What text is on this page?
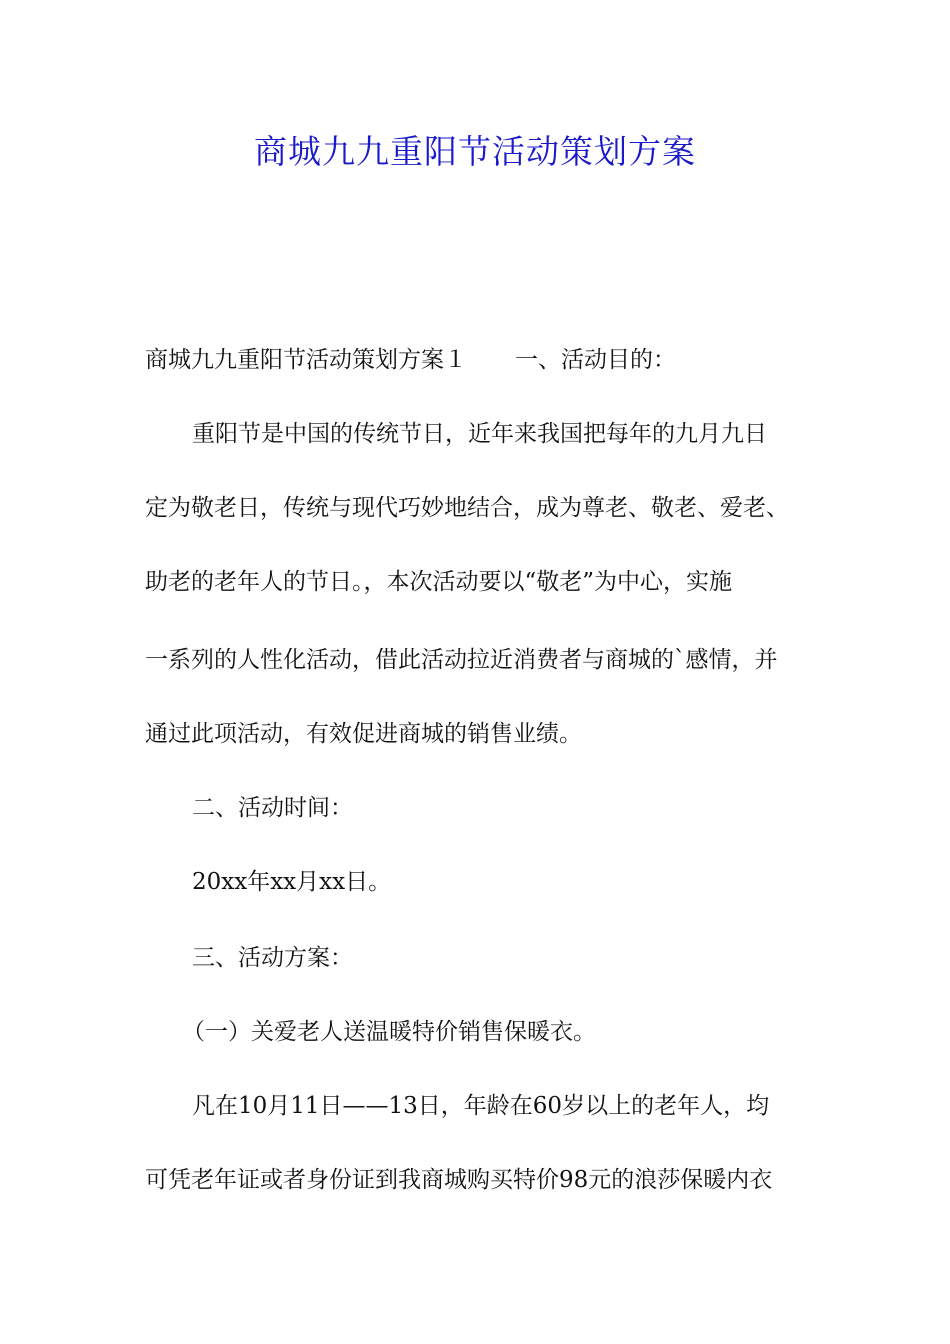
商城九九重阳节活动策划方案

商城九九重阳节活动策划方案１ 一、活动目的：

重阳节是中国的传统节日，近年来我国把每年的九月九日

定为敬老日，传统与现代巧妙地结合，成为尊老、敬老、爱老、

助老的老年人的节日。，本次活动要以“敬老”为中心，实施

一系列的人性化活动，借此活动拉近消费者与商城的`感情，并

通过此项活动，有效促进商城的销售业绩。

二、活动时间：

20xx年xx月xx日。

三、活动方案：

（一）关爱老人送温暖特价销售保暖衣。

凡在10月11日——13日，年龄在60岁以上的老年人，均

可凭老年证或者身份证到我商城购买特价98元的浪莎保暖内衣
